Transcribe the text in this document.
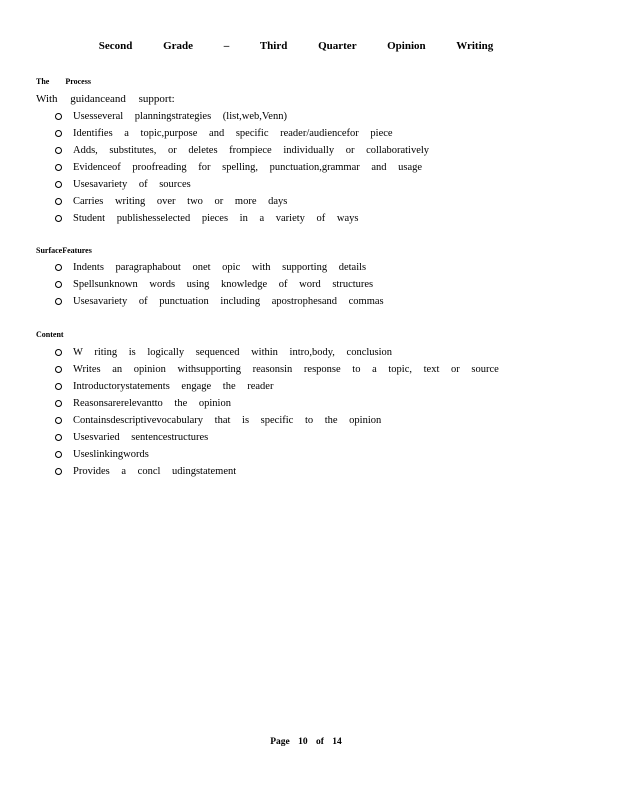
Second Grade – Third Quarter Opinion Writing
The Process
With guidanceand support:
Usesseveral planningstrategies (list,web,Venn)
Identifies a topic,purpose and specific reader/audiencefor piece
Adds, substitutes, or deletes frompiece individually or collaboratively
Evidenceof proofreading for spelling, punctuation,grammar and usage
Usesavariety of sources
Carries writing over two or more days
Student publishesselected pieces in a variety of ways
SurfaceFeatures
Indents paragraphabout onet opic with supporting details
Spellsunknown words using knowledge of word structures
Usesavariety of punctuation including apostrophesand commas
Content
W riting is logically sequenced within intro,body, conclusion
Writes an opinion withsupporting reasonsin response to a topic, text or source
Introductorystatements engage the reader
Reasonsarerelevantto the opinion
Containsdescriptivevocabulary that is specific to the opinion
Usesvaried sentencestructures
Useslinkingwords
Provides a concl udingstatement
Page 10 of 14
